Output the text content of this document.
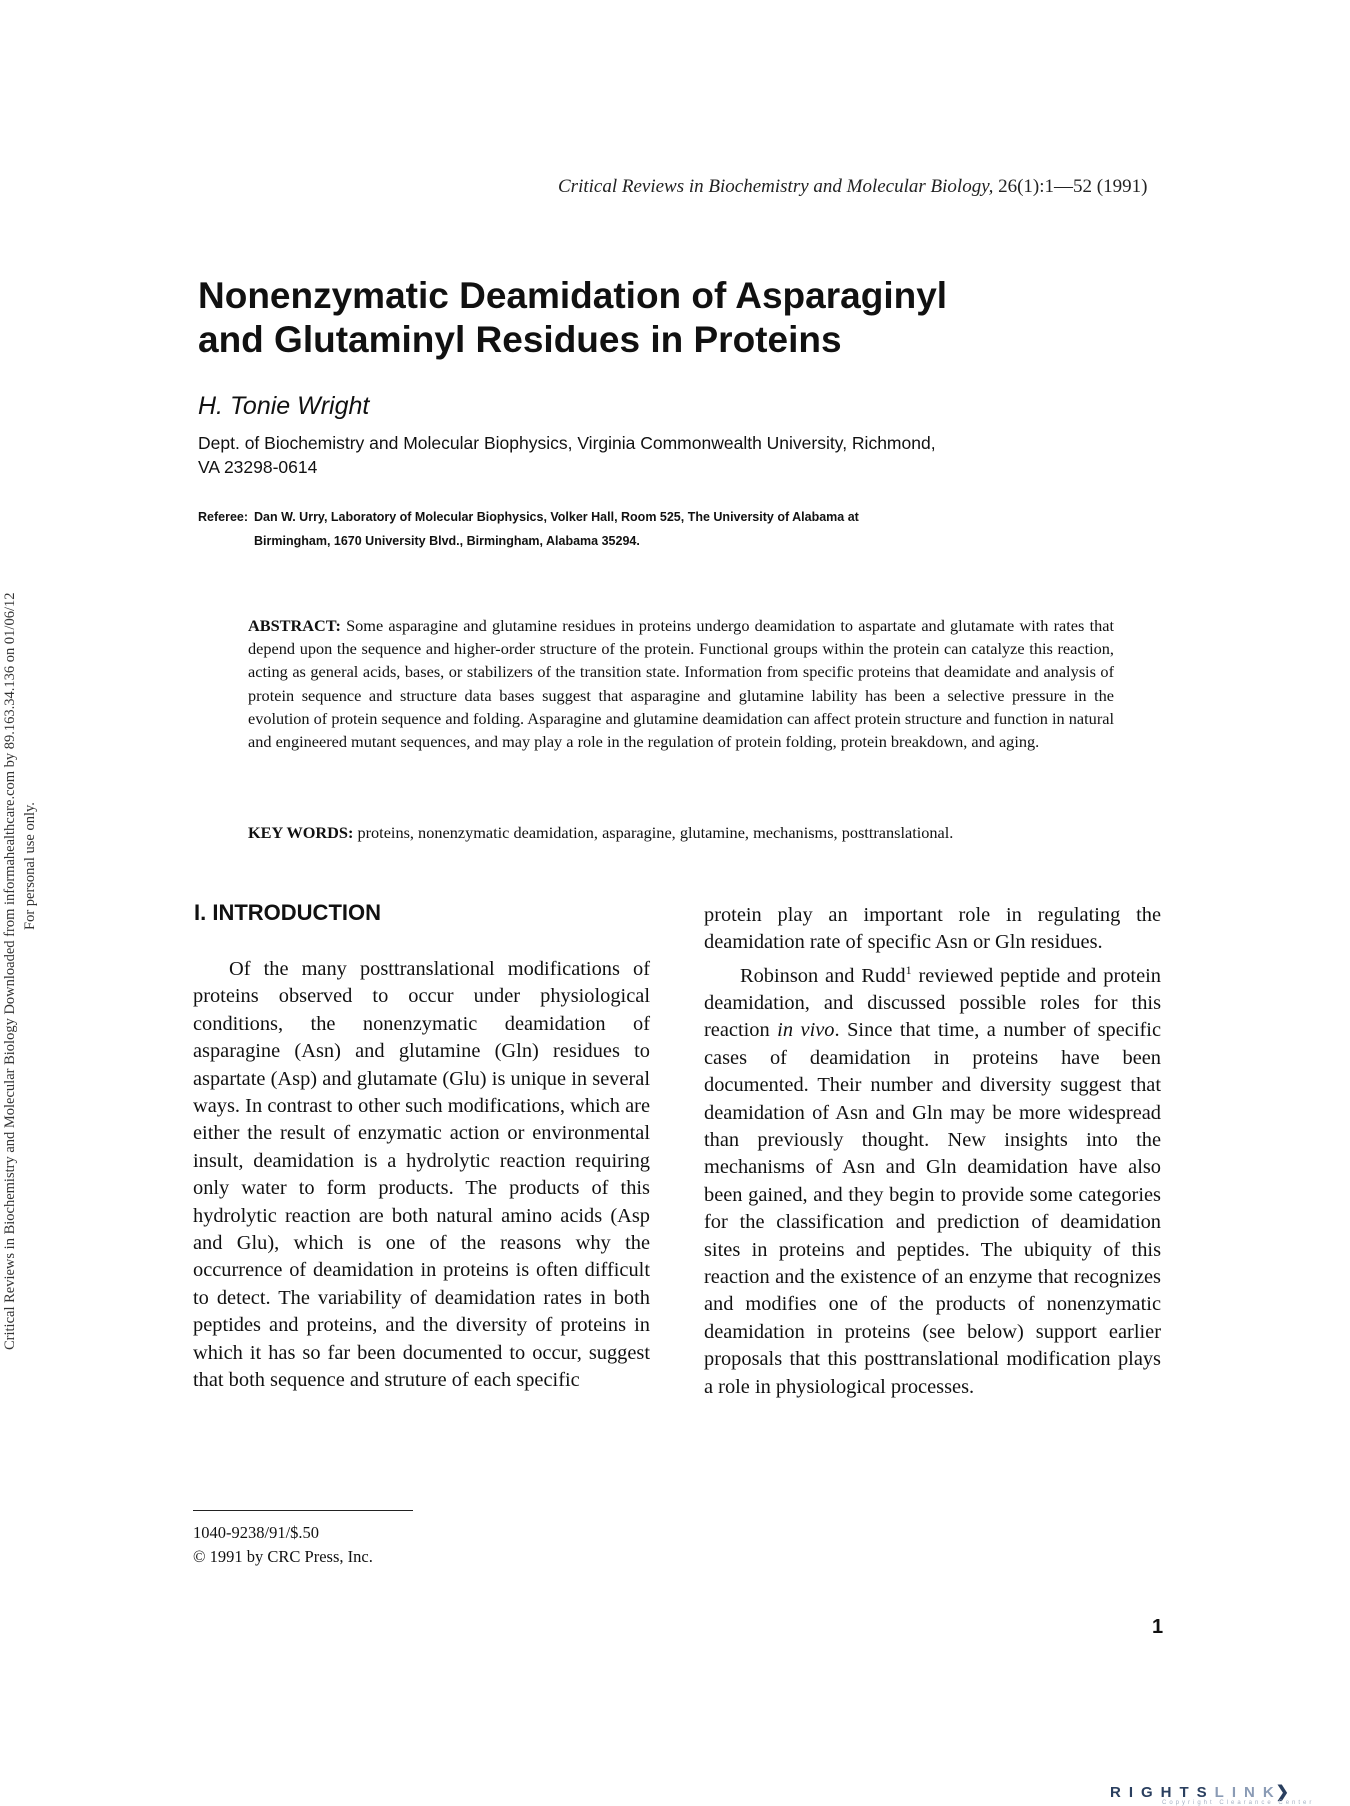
Critical Reviews in Biochemistry and Molecular Biology Downloaded from informahealthcare.com by 89.163.34.136 on 01/06/12 For personal use only.
Critical Reviews in Biochemistry and Molecular Biology, 26(1):1—52 (1991)
Nonenzymatic Deamidation of Asparaginyl
and Glutaminyl Residues in Proteins
H. Tonie Wright
Dept. of Biochemistry and Molecular Biophysics, Virginia Commonwealth University, Richmond,
VA 23298-0614
Referee: Dan W. Urry, Laboratory of Molecular Biophysics, Volker Hall, Room 525, The University of Alabama at
Birmingham, 1670 University Blvd., Birmingham, Alabama 35294.
ABSTRACT: Some asparagine and glutamine residues in proteins undergo deamidation to aspartate and glutamate with rates that depend upon the sequence and higher-order structure of the protein. Functional groups within the protein can catalyze this reaction, acting as general acids, bases, or stabilizers of the transition state. Information from specific proteins that deamidate and analysis of protein sequence and structure data bases suggest that asparagine and glutamine lability has been a selective pressure in the evolution of protein sequence and folding. Asparagine and glutamine deamidation can affect protein structure and function in natural and engineered mutant sequences, and may play a role in the regulation of protein folding, protein breakdown, and aging.
KEY WORDS: proteins, nonenzymatic deamidation, asparagine, glutamine, mechanisms, posttranslational.
I. INTRODUCTION

Of the many posttranslational modifications of proteins observed to occur under physiological conditions, the nonenzymatic deamidation of asparagine (Asn) and glutamine (Gln) residues to aspartate (Asp) and glutamate (Glu) is unique in several ways. In contrast to other such modifications, which are either the result of enzymatic action or environmental insult, deamidation is a hydrolytic reaction requiring only water to form products. The products of this hydrolytic reaction are both natural amino acids (Asp and Glu), which is one of the reasons why the occurrence of deamidation in proteins is often difficult to detect. The variability of deamidation rates in both peptides and proteins, and the diversity of proteins in which it has so far been documented to occur, suggest that both sequence and struture of each specific

protein play an important role in regulating the deamidation rate of specific Asn or Gln residues.

Robinson and Rudd$^1$ reviewed peptide and protein deamidation, and discussed possible roles for this reaction in vivo. Since that time, a number of specific cases of deamidation in proteins have been documented. Their number and diversity suggest that deamidation of Asn and Gln may be more widespread than previously thought. New insights into the mechanisms of Asn and Gln deamidation have also been gained, and they begin to provide some categories for the classification and prediction of deamidation sites in proteins and peptides. The ubiquity of this reaction and the existence of an enzyme that recognizes and modifies one of the products of nonenzymatic deamidation in proteins (see below) support earlier proposals that this posttranslational modification plays a role in physiological processes.

1040-9238/91/$.50
© 1991 by CRC Press, Inc.
1
RIGHTSLINK❯
Copyright Clearance Center
